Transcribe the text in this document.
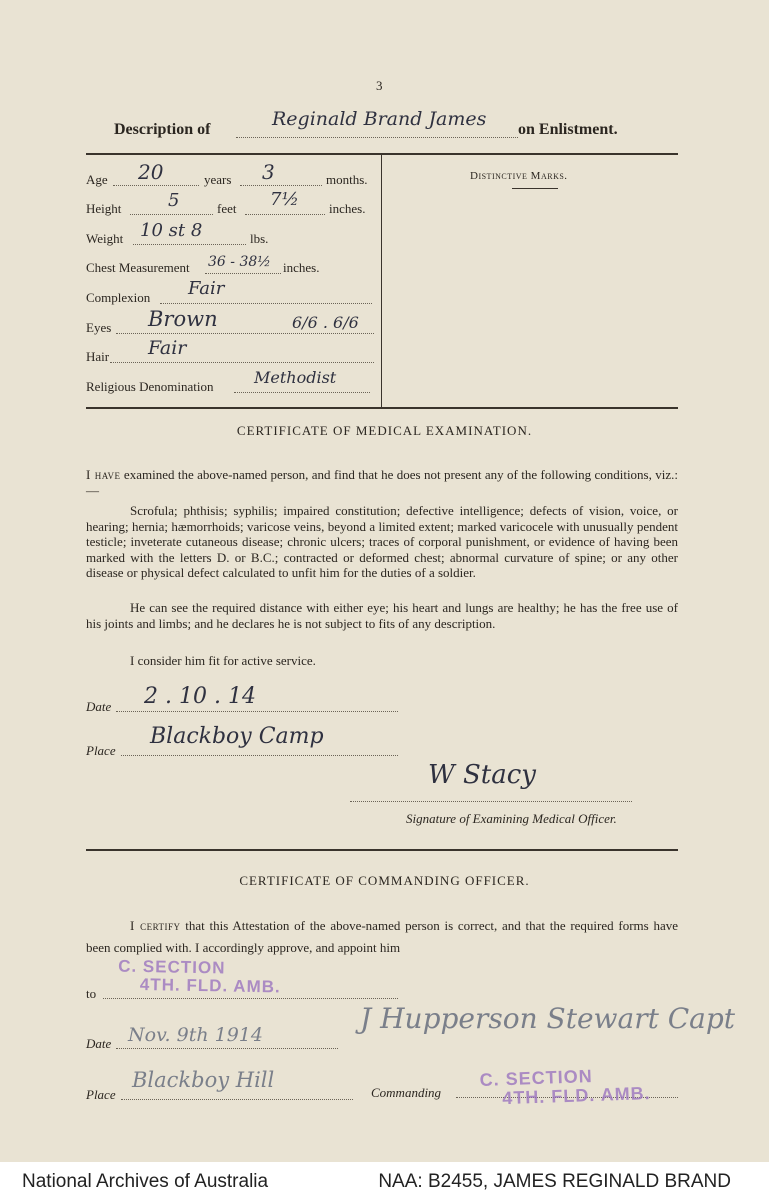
3
Description of	Reginald Brand James on Enlistment.
Age 20	years 3	months.
Height	5	feet 7½ inches.
Weight 10 st 8	lbs.
Chest Measurement 36 - 38½ inches.
Complexion Fair
Eyes Brown	6/6 . 6/6
Hair Fair
Religious Denomination	Methodist
Distinctive Marks.
CERTIFICATE OF MEDICAL EXAMINATION.

I have examined the above-named person, and find that he does not present any of the following conditions, viz.:—

Scrofula; phthisis; syphilis; impaired constitution; defective intelligence; defects of vision, voice, or hearing; hernia; hæmorrhoids; varicose veins, beyond a limited extent; marked varicocele with unusually pendent testicle; inveterate cutaneous disease; chronic ulcers; traces of corporal punishment, or evidence of having been marked with the letters D. or B.C.; contracted or deformed chest; abnormal curvature of spine; or any other disease or physical defect calculated to unfit him for the duties of a soldier.

He can see the required distance with either eye; his heart and lungs are healthy; he has the free use of his joints and limbs; and he declares he is not subject to fits of any description.

I consider him fit for active service.
Date 2 . 10 . 14
Place
Blackboy Camp
W Stacy
Signature of Examining Medical Officer.
CERTIFICATE OF COMMANDING OFFICER.

I certify that this Attestation of the above-named person is correct, and that the required forms have been complied with. I accordingly approve, and appoint him

C. SECTION
4TH. FLD. AMB.
to
Date Nov. 9th 1914	J Hupperson Stewart Capt
Place
Blackboy Hill
Commanding
C. SECTION
4TH. FLD. AMB.
National Archives of Australia	NAA: B2455, JAMES REGINALD BRAND
